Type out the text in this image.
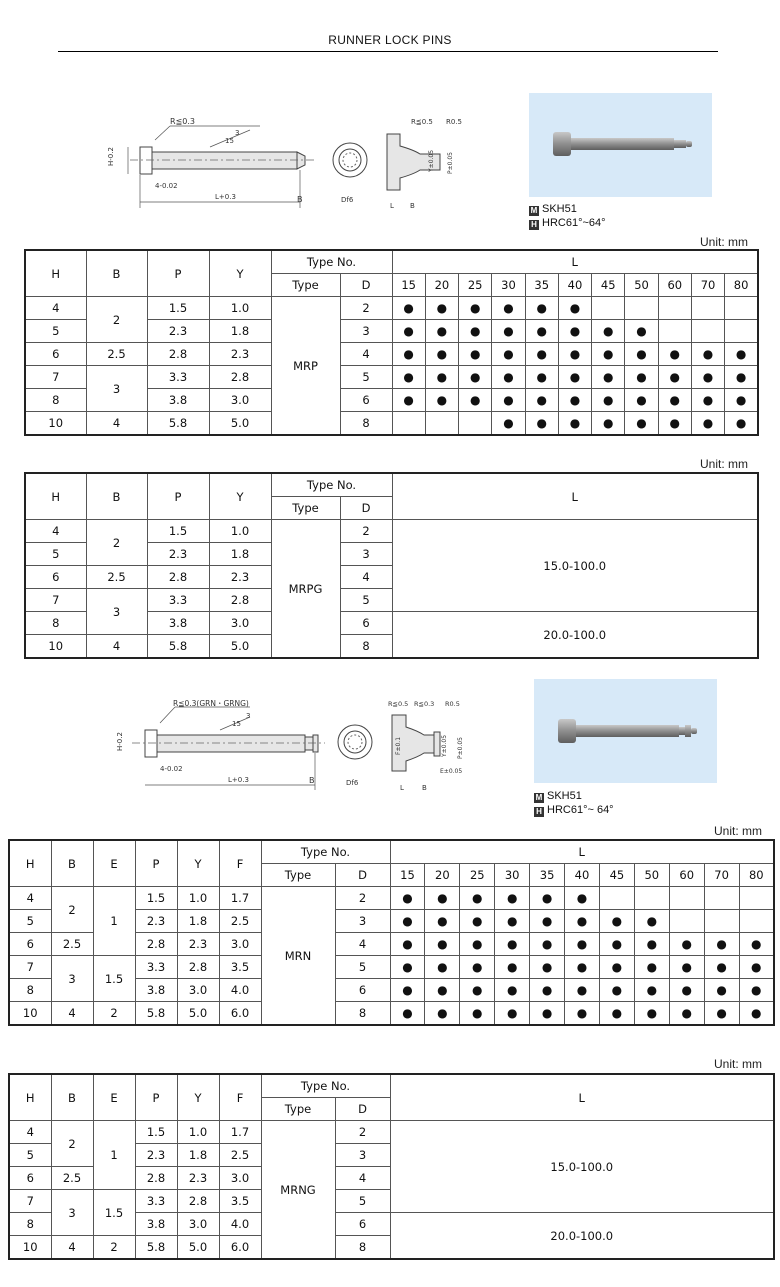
RUNNER LOCK PINS
R≦0.3
3
15
H-0.2
4-0.02
L+0.3	B	Df6
R≦0.5 R0.5
Y±0.05 P±0.05
L B	M SKH51
H HRC61°~64°
Unit: mm
H	B	P	Y	Type No.		L										
				Type	D	15	20	25	30	35	40	45	50	60	70	80
4	2	1.5	1.0	MRP	2	●	●	●	●	●	●					
5		2.3	1.8		3	●	●	●	●	●	●	●	●			
6	2.5	2.8	2.3		4	●	●	●	●	●	●	●	●	●	●	●
7	3	3.3	2.8		5	●	●	●	●	●	●	●	●	●	●	●
8		3.8	3.0		6	●	●	●	●	●	●	●	●	●	●	●
10	4	5.8	5.0		8				●	●	●	●	●	●	●	●
Unit: mm
H	B	P	Y	Type No.		L
				Type	D	
4	2	1.5	1.0	MRPG	2	15.0-100.0
5		2.3	1.8		3	
6	2.5	2.8	2.3		4	
7	3	3.3	2.8		5	
8		3.8	3.0		6	20.0-100.0
10	4	5.8	5.0		8	
R≦0.3(GRN・GRNG)
3
15
H-0.2
4-0.02
L+0.3	B	Df6
R≦0.5 R≦0.3 R0.5
F±0.1	Y±0.05 P±0.05
E±0.05
L	B
M SKH51
H HRC61°~ 64°
Unit: mm
H	B	E	P	Y	F	Type No.		L										
						Type	D	15	20	25	30	35	40	45	50	60	70	80
4	2	1	1.5	1.0	1.7	MRN	2	●	●	●	●	●	●					
5			2.3	1.8	2.5		3	●	●	●	●	●	●	●	●			
6	2.5		2.8	2.3	3.0		4	●	●	●	●	●	●	●	●	●	●	●
7	3	1.5	3.3	2.8	3.5		5	●	●	●	●	●	●	●	●	●	●	●
8			3.8	3.0	4.0		6	●	●	●	●	●	●	●	●	●	●	●
10	4	2	5.8	5.0	6.0		8	●	●	●	●	●	●	●	●	●	●	●
Unit: mm
H	B	E	P	Y	F	Type No.		L
						Type	D	
4	2	1	1.5	1.0	1.7	MRNG	2	15.0-100.0
5			2.3	1.8	2.5		3	
6	2.5		2.8	2.3	3.0		4	
7	3	1.5	3.3	2.8	3.5		5	
8			3.8	3.0	4.0		6	20.0-100.0
10	4	2	5.8	5.0	6.0		8	
